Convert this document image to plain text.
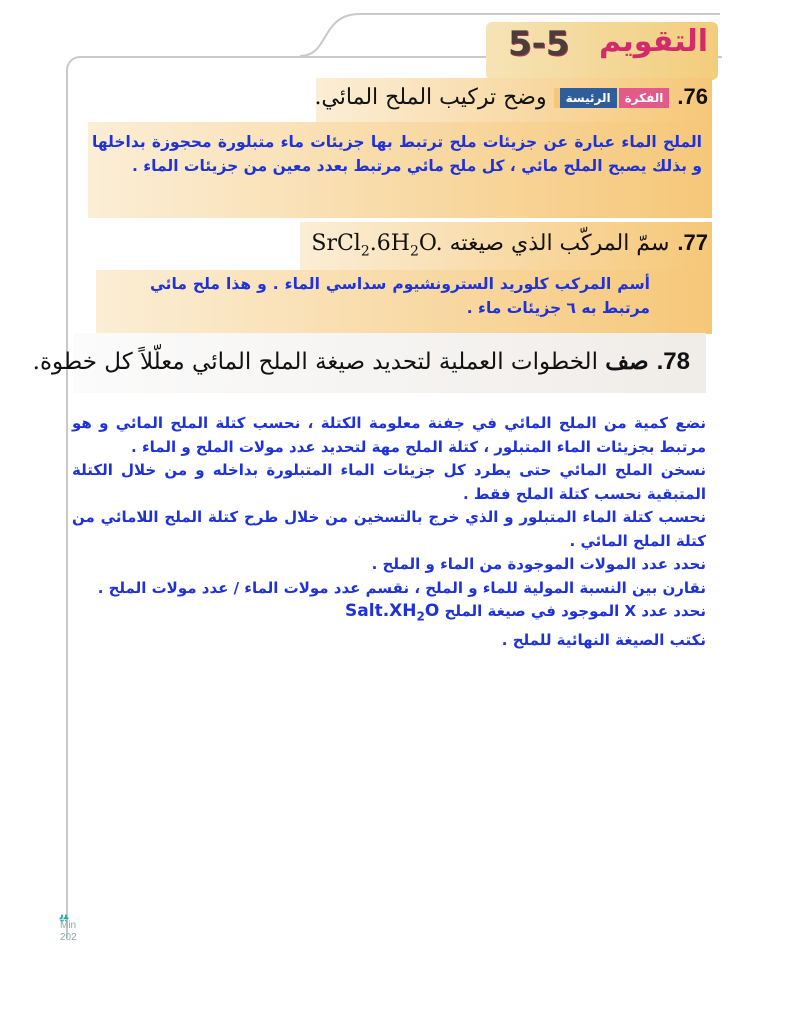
5-5 التقويم
76.الفكرةالرئيسة وضح تركيب الملح المائي.
الملح الماء عبارة عن جزيئات ملح ترتبط بها جزيئات ماء متبلورة محجوزة بداخلها و بذلك يصبح الملح مائي ، كل ملح مائي مرتبط بعدد معين من جزيئات الماء .
77.سمّ المركّب الذي صيغته $SrCl_2.6H_2O$.
أسم المركب كلوريد السترونشيوم سداسي الماء . و هذا ملح مائي مرتبط به ٦ جزيئات ماء .
78.صف الخطوات العملية لتحديد صيغة الملح المائي معلّلاً كل خطوة.

نضع كمية من الملح المائي في جفنة معلومة الكتلة ، نحسب كتلة الملح المائي و هو مرتبط بجزيئات الماء المتبلور ، كتلة الملح مهة لتحديد عدد مولات الملح و الماء .

نسخن الملح المائي حتى يطرد كل جزيئات الماء المتبلورة بداخله و من خلال الكتلة المتبقية نحسب كتلة الملح فقط .

نحسب كتلة الماء المتبلور و الذي خرج بالتسخين من خلال طرح كتلة الملح اللامائي من كتلة الملح المائي .

نحدد عدد المولات الموجودة من الماء و الملح .

نقارن بين النسبة المولية للماء و الملح ، نقسم عدد مولات الماء / عدد مولات الملح .

نحدد عدد X الموجود في صيغة الملح $Salt.XH_2O$

نكتب الصيغة النهائية للملح .

ﺒﻳ
Min
202
